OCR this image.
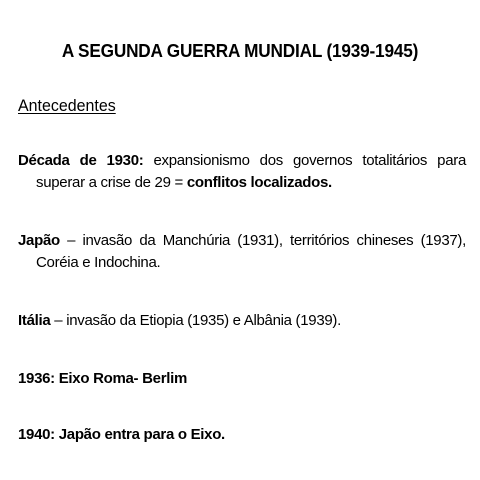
A SEGUNDA GUERRA MUNDIAL (1939-1945)
Antecedentes
Década de 1930: expansionismo dos governos totalitários para
superar a crise de 29 = conflitos localizados.
Japão – invasão da Manchúria (1931), territórios chineses (1937),
Coréia e Indochina.
Itália – invasão da Etiopia (1935) e Albânia (1939).
1936: Eixo Roma- Berlim
1940: Japão entra para o Eixo.
